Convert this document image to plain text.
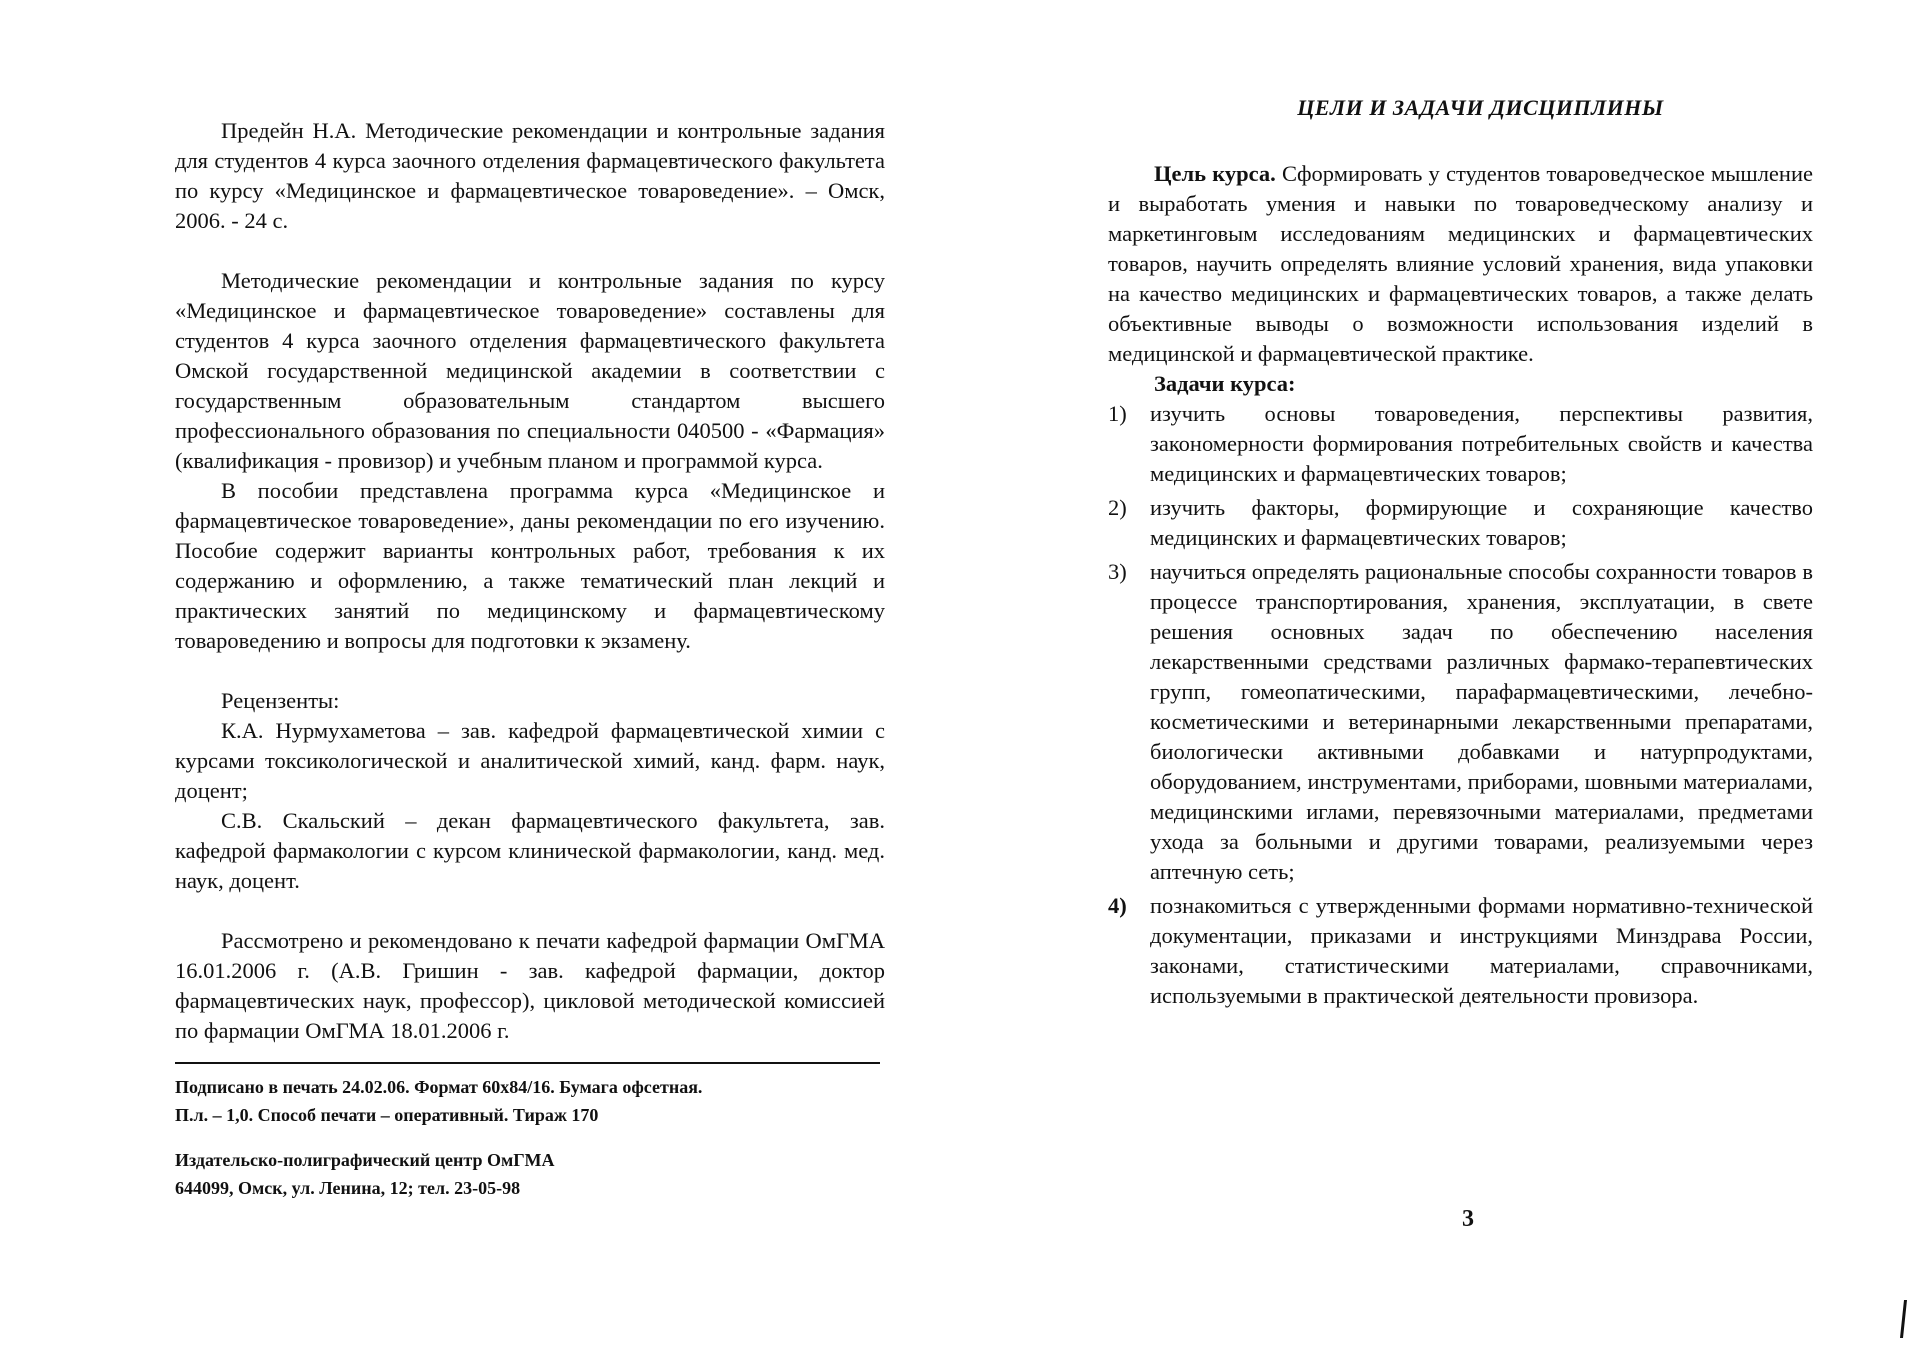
Предейн Н.А. Методические рекомендации и контрольные задания для студентов 4 курса заочного отделения фармацевтического факультета по курсу «Медицинское и фармацевтическое товароведение». – Омск, 2006. - 24 с.

Методические рекомендации и контрольные задания по курсу «Медицинское и фармацевтическое товароведение» составлены для студентов 4 курса заочного отделения фармацевтического факультета Омской государственной медицинской академии в соответствии с государственным образовательным стандартом высшего профессионального образования по специальности 040500 - «Фармация» (квалификация - провизор) и учебным планом и программой курса.

В пособии представлена программа курса «Медицинское и фармацевтическое товароведение», даны рекомендации по его изучению. Пособие содержит варианты контрольных работ, требования к их содержанию и оформлению, а также тематический план лекций и практических занятий по медицинскому и фармацевтическому товароведению и вопросы для подготовки к экзамену.

Рецензенты:

К.А. Нурмухаметова – зав. кафедрой фармацевтической химии с курсами токсикологической и аналитической химий, канд. фарм. наук, доцент;

С.В. Скальский – декан фармацевтического факультета, зав. кафедрой фармакологии с курсом клинической фармакологии, канд. мед. наук, доцент.

Рассмотрено и рекомендовано к печати кафедрой фармации ОмГМА 16.01.2006 г. (А.В. Гришин - зав. кафедрой фармации, доктор фармацевтических наук, профессор), цикловой методической комиссией по фармации ОмГМА 18.01.2006 г.

Подписано в печать 24.02.06. Формат 60х84/16. Бумага офсетная.
П.л. – 1,0. Способ печати – оперативный. Тираж 170
Издательско-полиграфический центр ОмГМА
644099, Омск, ул. Ленина, 12; тел. 23-05-98
ЦЕЛИ И ЗАДАЧИ ДИСЦИПЛИНЫ

Цель курса. Сформировать у студентов товароведческое мышление и выработать умения и навыки по товароведческому анализу и маркетинговым исследованиям медицинских и фармацевтических товаров, научить определять влияние условий хранения, вида упаковки на качество медицинских и фармацевтических товаров, а также делать объективные выводы о возможности использования изделий в медицинской и фармацевтической практике.

Задачи курса:
1)	изучить основы товароведения, перспективы развития, закономерности формирования потребительных свойств и качества медицинских и фармацевтических товаров;
2)	изучить факторы, формирующие и сохраняющие качество медицинских и фармацевтических товаров;
3)	научиться определять рациональные способы сохранности товаров в процессе транспортирования, хранения, эксплуатации, в свете решения основных задач по обеспечению населения лекарственными средствами различных фармако-терапевтических групп, гомеопатическими, парафармацевтическими, лечебно-косметическими и ветеринарными лекарственными препаратами, биологически активными добавками и натурпродуктами, оборудованием, инструментами, приборами, шовными материалами, медицинскими иглами, перевязочными материалами, предметами ухода за больными и другими товарами, реализуемыми через аптечную сеть;
4)	познакомиться с утвержденными формами нормативно-технической документации, приказами и инструкциями Минздрава России, законами, статистическими материалами, справочниками, используемыми в практической деятельности провизора.
3
